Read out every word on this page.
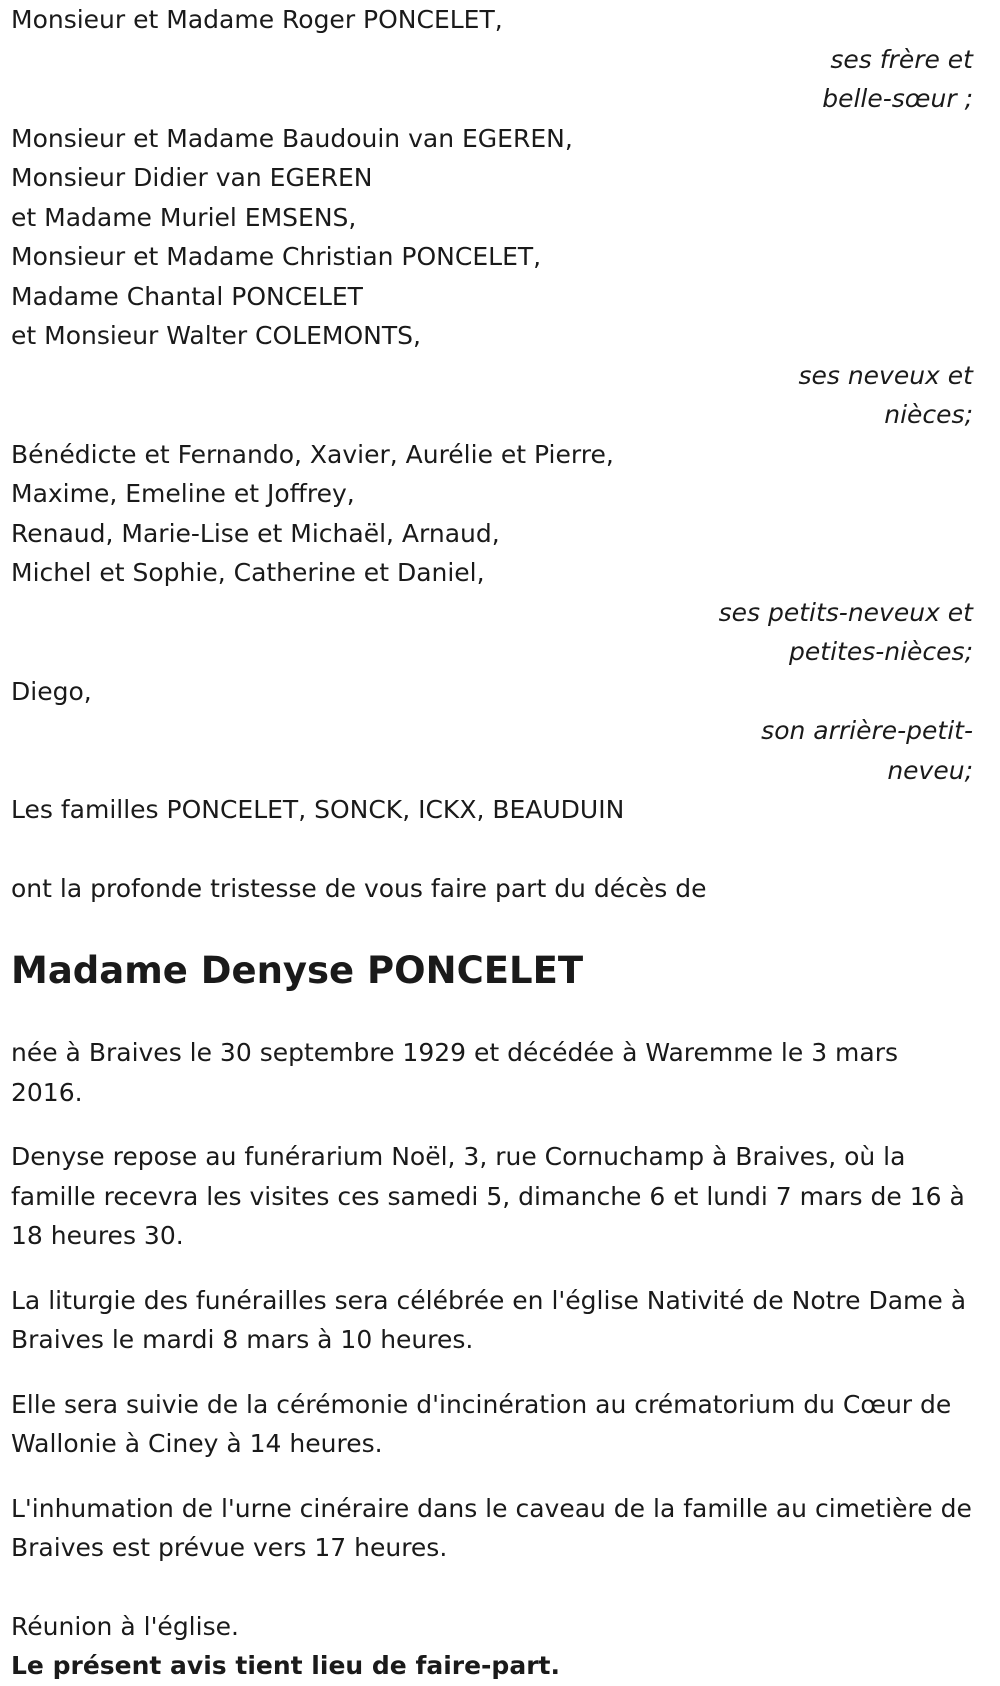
Monsieur et Madame Roger PONCELET,
ses frère et
belle-sœur ;
Monsieur et Madame Baudouin van EGEREN,
Monsieur Didier van EGEREN
et Madame Muriel EMSENS,
Monsieur et Madame Christian PONCELET,
Madame Chantal PONCELET
et Monsieur Walter COLEMONTS,
ses neveux et
nièces;
Bénédicte et Fernando, Xavier, Aurélie et Pierre,
Maxime, Emeline et Joffrey,
Renaud, Marie-Lise et Michaël, Arnaud,
Michel et Sophie, Catherine et Daniel,
ses petits-neveux et
petites-nièces;
Diego,
son arrière-petit-
neveu;
Les familles PONCELET, SONCK, ICKX, BEAUDUIN
ont la profonde tristesse de vous faire part du décès de
Madame Denyse PONCELET

née à Braives le 30 septembre 1929 et décédée à Waremme le 3 mars 2016.

Denyse repose au funérarium Noël, 3, rue Cornuchamp à Braives, où la famille recevra les visites ces samedi 5, dimanche 6 et lundi 7 mars de 16 à 18 heures 30.

La liturgie des funérailles sera célébrée en l'église Nativité de Notre Dame à Braives le mardi 8 mars à 10 heures.

Elle sera suivie de la cérémonie d'incinération au crématorium du Cœur de Wallonie à Ciney à 14 heures.

L'inhumation de l'urne cinéraire dans le caveau de la famille au cimetière de Braives est prévue vers 17 heures.

Réunion à l'église.
Le présent avis tient lieu de faire-part.
